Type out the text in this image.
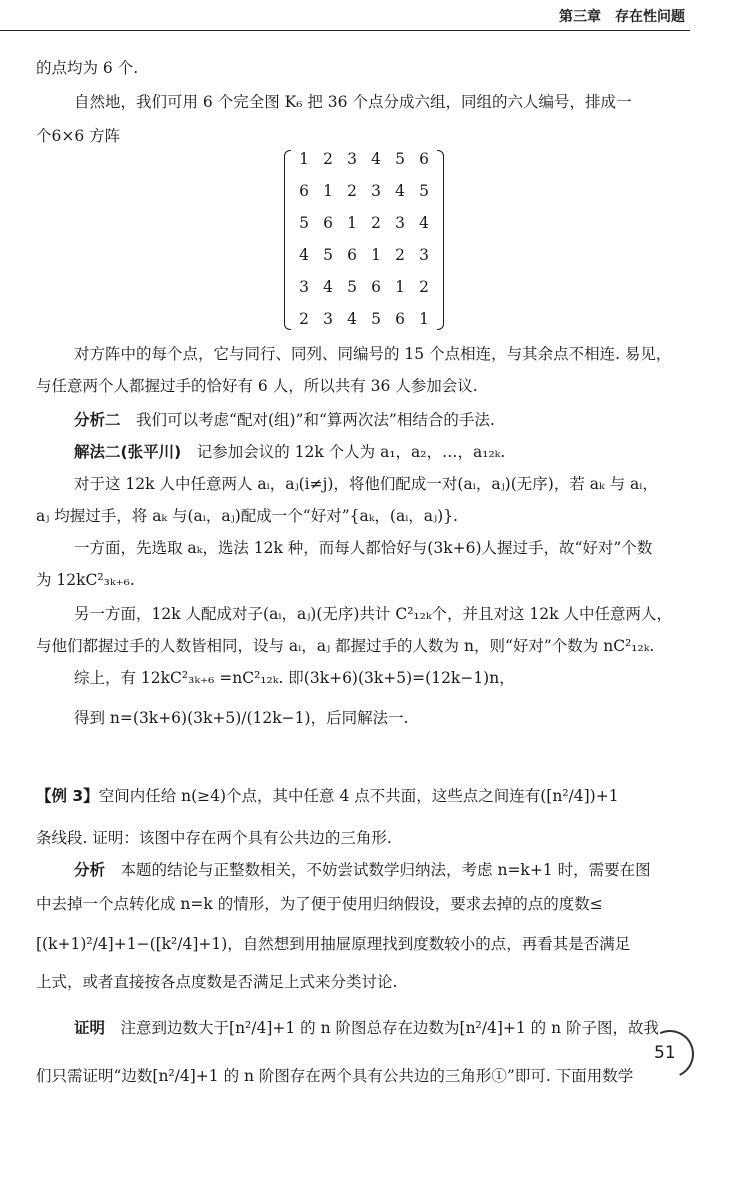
第三章 存在性问题
的点均为 6 个.
自然地，我们可用 6 个完全图 K₆ 把 36 个点分成六组，同组的六人编号，排成一
个6×6 方阵
1 2 3 4 5 6
6 1 2 3 4 5
5 6 1 2 3 4
4 5 6 1 2 3
3 4 5 6 1 2
2 3 4 5 6 1
对方阵中的每个点，它与同行、同列、同编号的 15 个点相连，与其余点不相连. 易见，
与任意两个人都握过手的恰好有 6 人，所以共有 36 人参加会议.
分析二　 我们可以考虑“配对(组)”和“算两次法”相结合的手法.
解法二(张平川)　 记参加会议的 12k 个人为 a₁，a₂，…，a₁₂ₖ.
对于这 12k 人中任意两人 aᵢ，aⱼ(i≠j)，将他们配成一对(aᵢ，aⱼ)(无序)，若 aₖ 与 aᵢ，
aⱼ 均握过手，将 aₖ 与(aᵢ，aⱼ)配成一个“好对”{aₖ，(aᵢ，aⱼ)}.
一方面，先选取 aₖ，选法 12k 种，而每人都恰好与(3k+6)人握过手，故“好对”个数
为 12kC²₃ₖ₊₆.
另一方面，12k 人配成对子(aᵢ，aⱼ)(无序)共计 C²₁₂ₖ个，并且对这 12k 人中任意两人，
与他们都握过手的人数皆相同，设与 aᵢ，aⱼ 都握过手的人数为 n，则“好对”个数为 nC²₁₂ₖ.
综上，有 12kC²₃ₖ₊₆ =nC²₁₂ₖ. 即(3k+6)(3k+5)=(12k−1)n，
得到 n=(3k+6)(3k+5)/(12k−1)，后同解法一.
【例 3】空间内任给 n(≥4)个点，其中任意 4 点不共面，这些点之间连有([n²/4])+1
条线段. 证明：该图中存在两个具有公共边的三角形.
分析　 本题的结论与正整数相关，不妨尝试数学归纳法，考虑 n=k+1 时，需要在图
中去掉一个点转化成 n=k 的情形，为了便于使用归纳假设，要求去掉的点的度数≤
[(k+1)²/4]+1−([k²/4]+1)，自然想到用抽屉原理找到度数较小的点，再看其是否满足
上式，或者直接按各点度数是否满足上式来分类讨论.
证明　 注意到边数大于[n²/4]+1 的 n 阶图总存在边数为[n²/4]+1 的 n 阶子图，故我
们只需证明“边数[n²/4]+1 的 n 阶图存在两个具有公共边的三角形①”即可. 下面用数学
51
